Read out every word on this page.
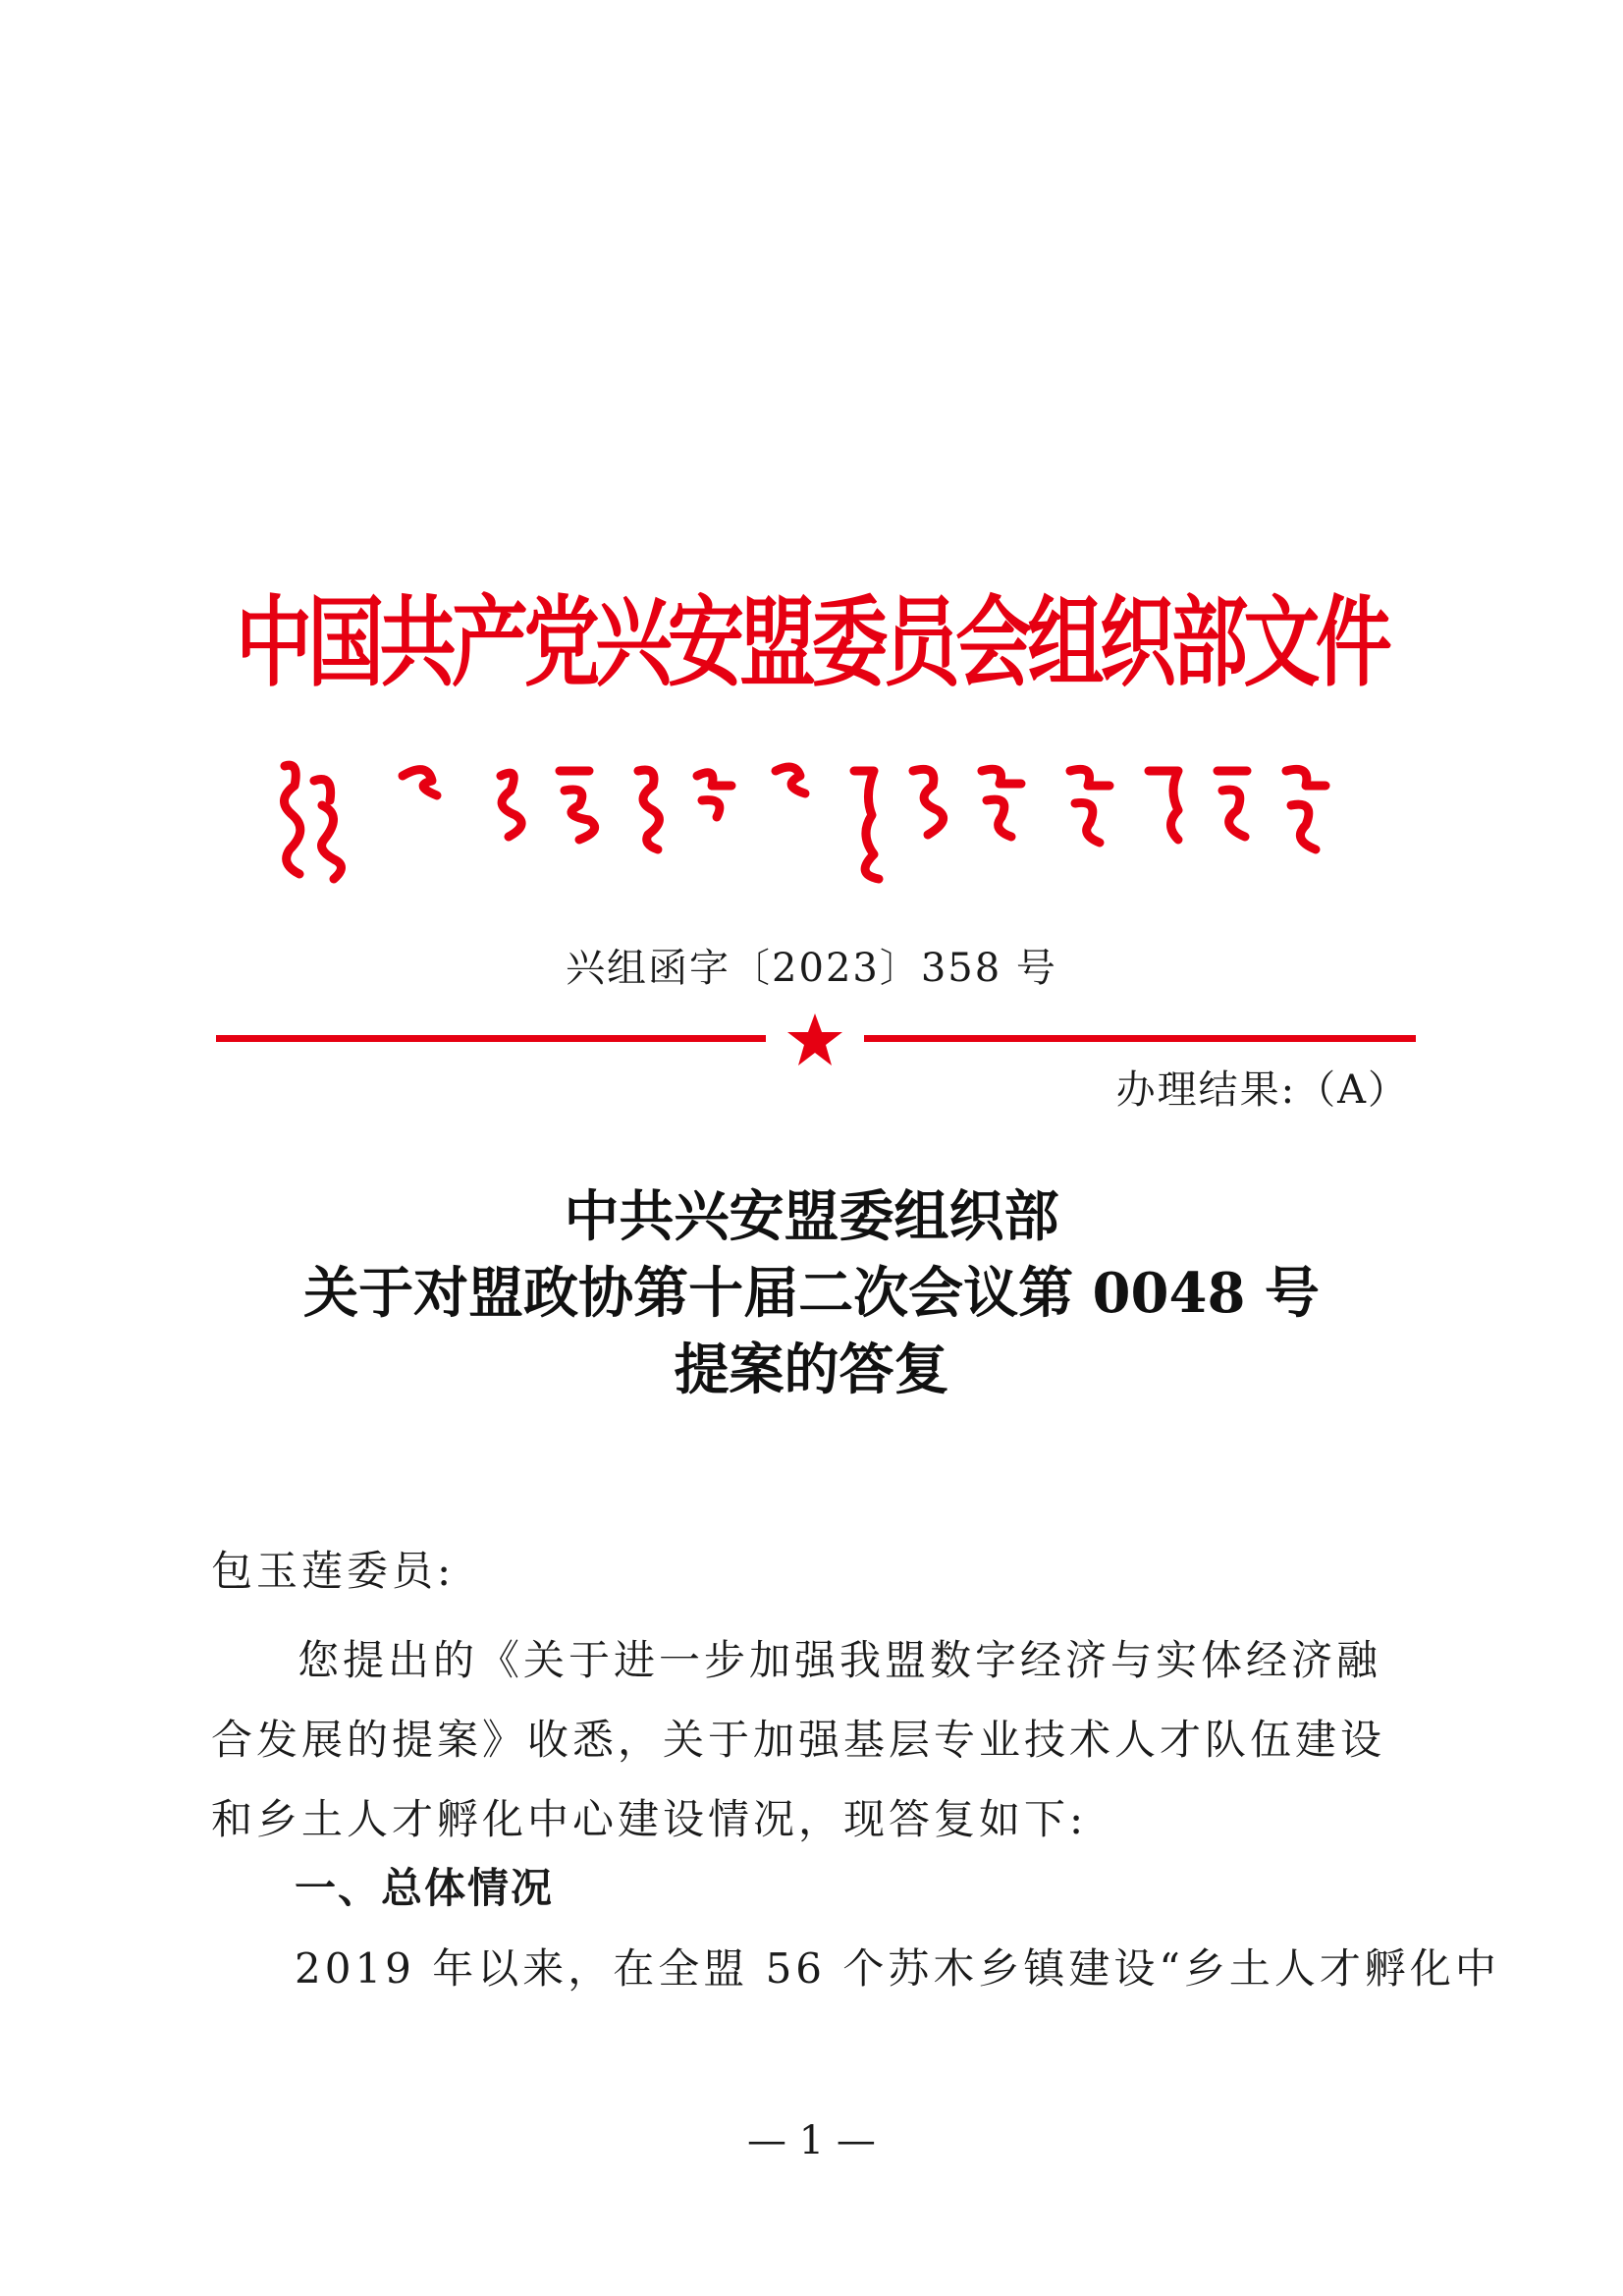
中国共产党兴安盟委员会组织部文件
兴组函字〔2023〕358 号
办理结果:（A）
中共兴安盟委组织部
关于对盟政协第十届二次会议第 0048 号
提案的答复
包玉莲委员:
您提出的《关于进一步加强我盟数字经济与实体经济融合发展的提案》收悉，关于加强基层专业技术人才队伍建设和乡土人才孵化中心建设情况，现答复如下:
一、总体情况
2019 年以来，在全盟 56 个苏木乡镇建设“乡土人才孵化中
— 1 —
